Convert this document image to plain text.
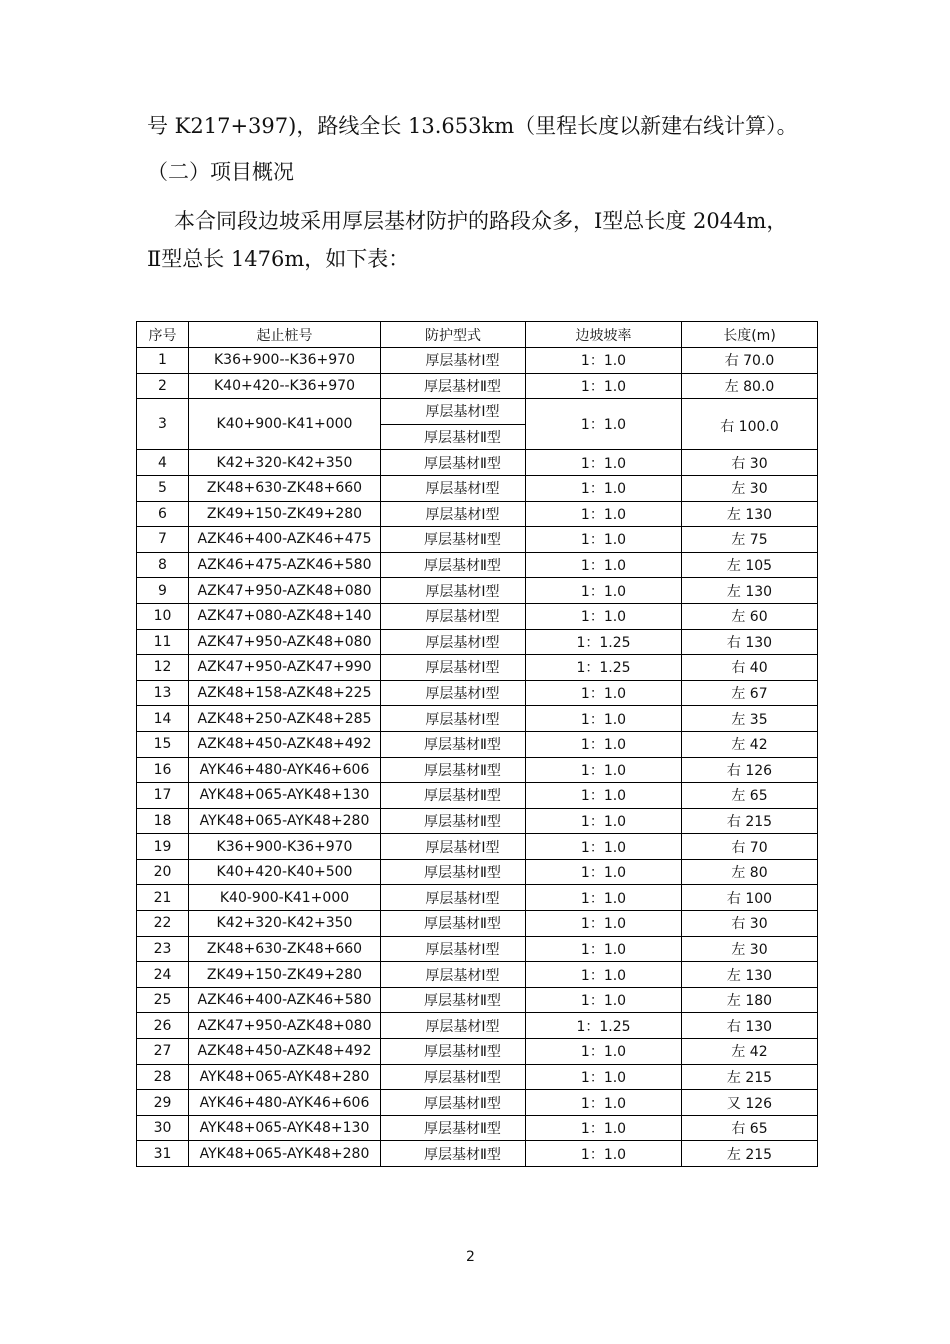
号 K217+397)，路线全长 13.653km（里程长度以新建右线计算）。
（二）项目概况
本合同段边坡采用厚层基材防护的路段众多，Ⅰ型总长度 2044m，
Ⅱ型总长 1476m，如下表：
序号	起止桩号	防护型式	边坡坡率	长度(m)
1	K36+900--K36+970	厚层基材Ⅰ型	1：1.0	右 70.0
2	K40+420--K36+970	厚层基材Ⅱ型	1：1.0	左 80.0
3	K40+900-K41+000	厚层基材Ⅰ型	1：1.0	右 100.0
		厚层基材Ⅱ型		
4	K42+320-K42+350	厚层基材Ⅱ型	1：1.0	右 30
5	ZK48+630-ZK48+660	厚层基材Ⅰ型	1：1.0	左 30
6	ZK49+150-ZK49+280	厚层基材Ⅰ型	1：1.0	左 130
7	AZK46+400-AZK46+475	厚层基材Ⅱ型	1：1.0	左 75
8	AZK46+475-AZK46+580	厚层基材Ⅱ型	1：1.0	左 105
9	AZK47+950-AZK48+080	厚层基材Ⅰ型	1：1.0	左 130
10	AZK47+080-AZK48+140	厚层基材Ⅰ型	1：1.0	左 60
11	AZK47+950-AZK48+080	厚层基材Ⅰ型	1：1.25	右 130
12	AZK47+950-AZK47+990	厚层基材Ⅰ型	1：1.25	右 40
13	AZK48+158-AZK48+225	厚层基材Ⅰ型	1：1.0	左 67
14	AZK48+250-AZK48+285	厚层基材Ⅰ型	1：1.0	左 35
15	AZK48+450-AZK48+492	厚层基材Ⅱ型	1：1.0	左 42
16	AYK46+480-AYK46+606	厚层基材Ⅱ型	1：1.0	右 126
17	AYK48+065-AYK48+130	厚层基材Ⅱ型	1：1.0	左 65
18	AYK48+065-AYK48+280	厚层基材Ⅱ型	1：1.0	右 215
19	K36+900-K36+970	厚层基材Ⅰ型	1：1.0	右 70
20	K40+420-K40+500	厚层基材Ⅱ型	1：1.0	左 80
21	K40-900-K41+000	厚层基材Ⅰ型	1：1.0	右 100
22	K42+320-K42+350	厚层基材Ⅱ型	1：1.0	右 30
23	ZK48+630-ZK48+660	厚层基材Ⅰ型	1：1.0	左 30
24	ZK49+150-ZK49+280	厚层基材Ⅰ型	1：1.0	左 130
25	AZK46+400-AZK46+580	厚层基材Ⅱ型	1：1.0	左 180
26	AZK47+950-AZK48+080	厚层基材Ⅰ型	1：1.25	右 130
27	AZK48+450-AZK48+492	厚层基材Ⅱ型	1：1.0	左 42
28	AYK48+065-AYK48+280	厚层基材Ⅱ型	1：1.0	左 215
29	AYK46+480-AYK46+606	厚层基材Ⅱ型	1：1.0	又 126
30	AYK48+065-AYK48+130	厚层基材Ⅱ型	1：1.0	右 65
31	AYK48+065-AYK48+280	厚层基材Ⅱ型	1：1.0	左 215
2
